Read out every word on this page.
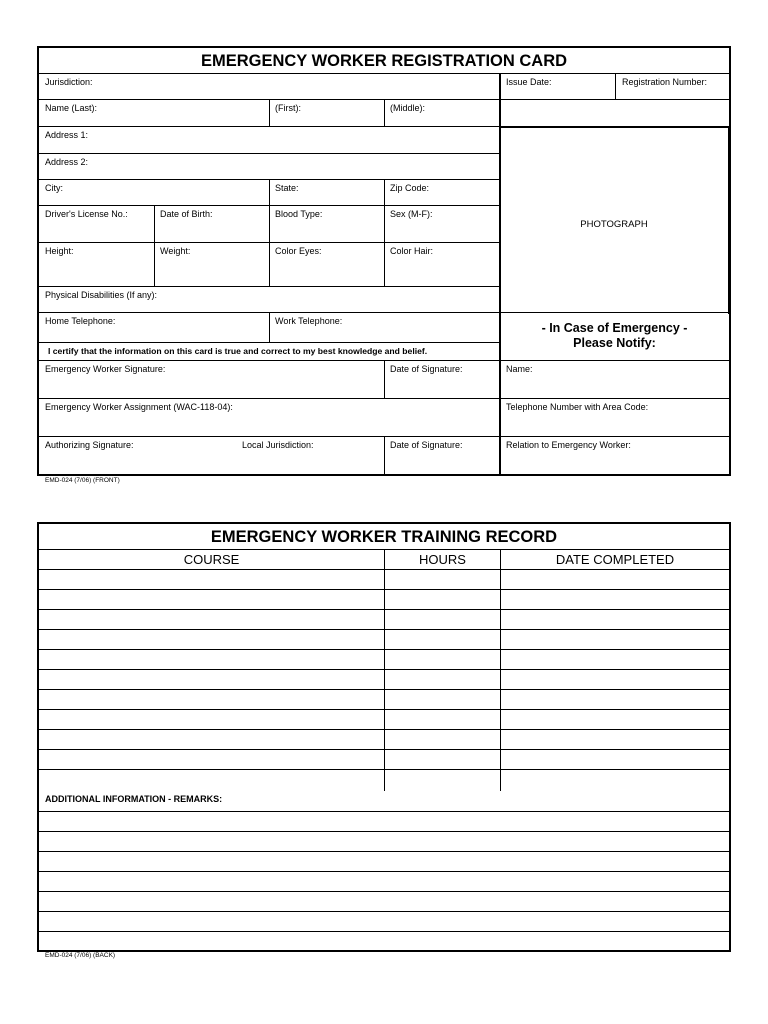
EMERGENCY WORKER REGISTRATION CARD
Jurisdiction:	Issue Date:	Registration Number:
Name (Last):	(First):	(Middle):
Address 1:
Address 2:
City:	State:	Zip Code:
Driver's License No.:	Date of Birth:	Blood Type:	Sex (M-F):
Height:	Weight:	Color Eyes:	Color Hair:
Physical Disabilities (If any):
Home Telephone:	Work Telephone:
I certify that the information on this card is true and correct to my best knowledge and belief.
Emergency Worker Signature:	Date of Signature:
Emergency Worker Assignment (WAC-118-04):
Authorizing Signature:	Local Jurisdiction:	Date of Signature:
PHOTOGRAPH
- In Case of Emergency -
Please Notify:
Name:
Telephone Number with Area Code:
Relation to Emergency Worker:
EMD-024 (7/06) (FRONT)
EMERGENCY WORKER TRAINING RECORD
COURSE	HOURS	DATE COMPLETED
ADDITIONAL INFORMATION - REMARKS:
EMD-024 (7/06) (BACK)
